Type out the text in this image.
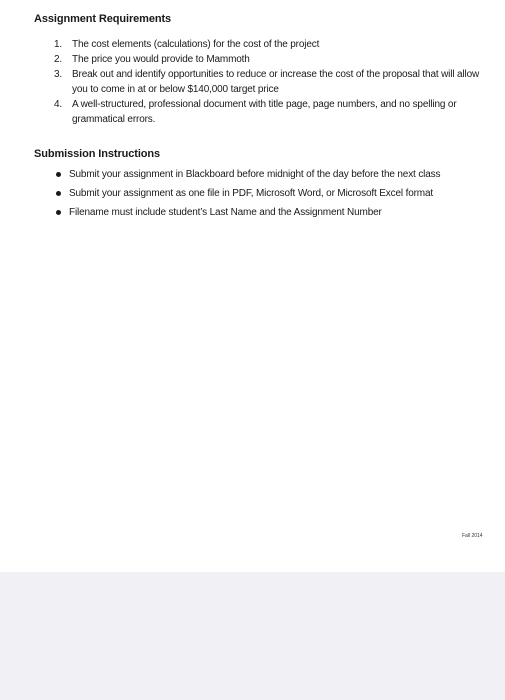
Assignment Requirements
1. The cost elements (calculations) for the cost of the project
2. The price you would provide to Mammoth
3. Break out and identify opportunities to reduce or increase the cost of the proposal that will allow you to come in at or below $140,000 target price
4. A well-structured, professional document with title page, page numbers, and no spelling or grammatical errors.
Submission Instructions
Submit your assignment in Blackboard before midnight of the day before the next class
Submit your assignment as one file in PDF, Microsoft Word, or Microsoft Excel format
Filename must include student’s Last Name and the Assignment Number
Fall 2014
